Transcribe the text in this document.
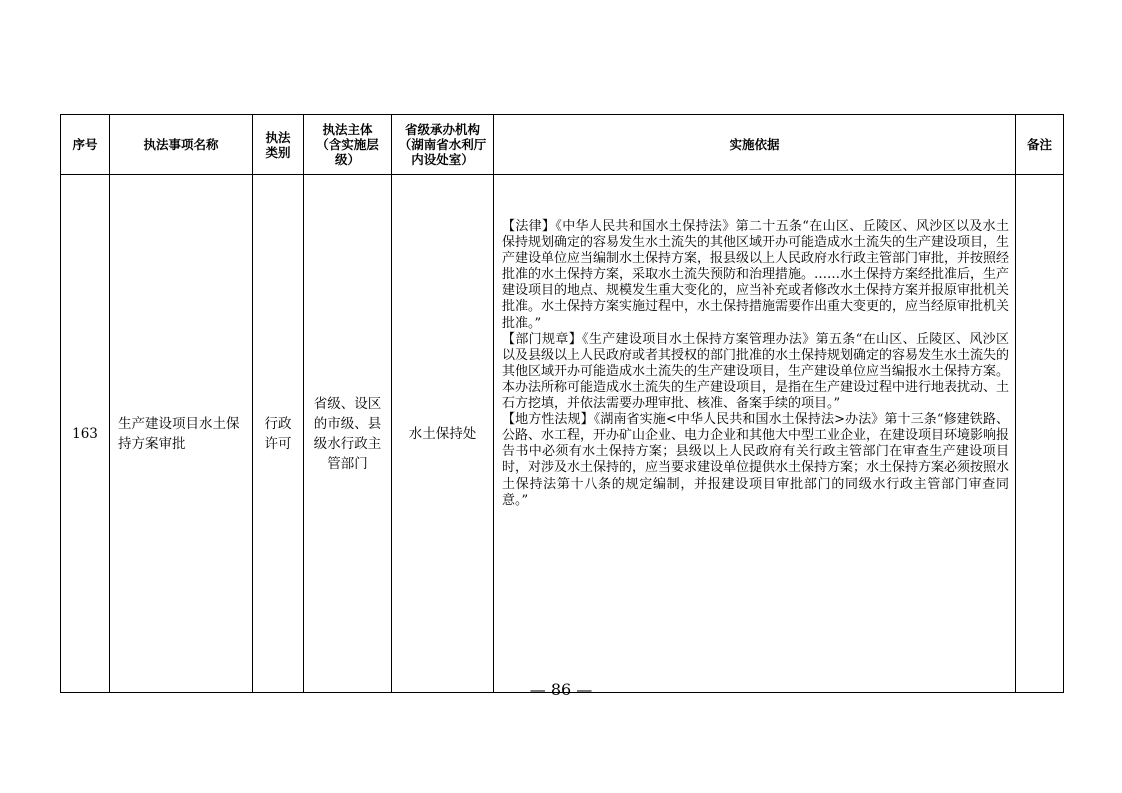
序号	执法事项名称	执法类别	执法主体（含实施层级）	省级承办机构（湖南省水利厅内设处室）	实施依据	备注

163	生产建设项目水土保持方案审批	行政许可	省级、设区的市级、县级水行政主管部门	水土保持处	【法律】《中华人民共和国水土保持法》第二十五条“在山区、丘陵区、风沙区以及水土保持规划确定的容易发生水土流失的其他区域开办可能造成水土流失的生产建设项目，生产建设单位应当编制水土保持方案，报县级以上人民政府水行政主管部门审批，并按照经批准的水土保持方案，采取水土流失预防和治理措施。……水土保持方案经批准后，生产建设项目的地点、规模发生重大变化的，应当补充或者修改水土保持方案并报原审批机关批准。水土保持方案实施过程中，水土保持措施需要作出重大变更的，应当经原审批机关批准。”

【部门规章】《生产建设项目水土保持方案管理办法》第五条“在山区、丘陵区、风沙区以及县级以上人民政府或者其授权的部门批准的水土保持规划确定的容易发生水土流失的其他区域开办可能造成水土流失的生产建设项目，生产建设单位应当编报水土保持方案。本办法所称可能造成水土流失的生产建设项目，是指在生产建设过程中进行地表扰动、土石方挖填，并依法需要办理审批、核准、备案手续的项目。”

【地方性法规】《湖南省实施<中华人民共和国水土保持法>办法》第十三条“修建铁路、公路、水工程，开办矿山企业、电力企业和其他大中型工业企业，在建设项目环境影响报告书中必须有水土保持方案；县级以上人民政府有关行政主管部门在审查生产建设项目时，对涉及水土保持的，应当要求建设单位提供水土保持方案；水土保持方案必须按照水土保持法第十八条的规定编制，并报建设项目审批部门的同级水行政主管部门审查同意。”	

— 86 —
